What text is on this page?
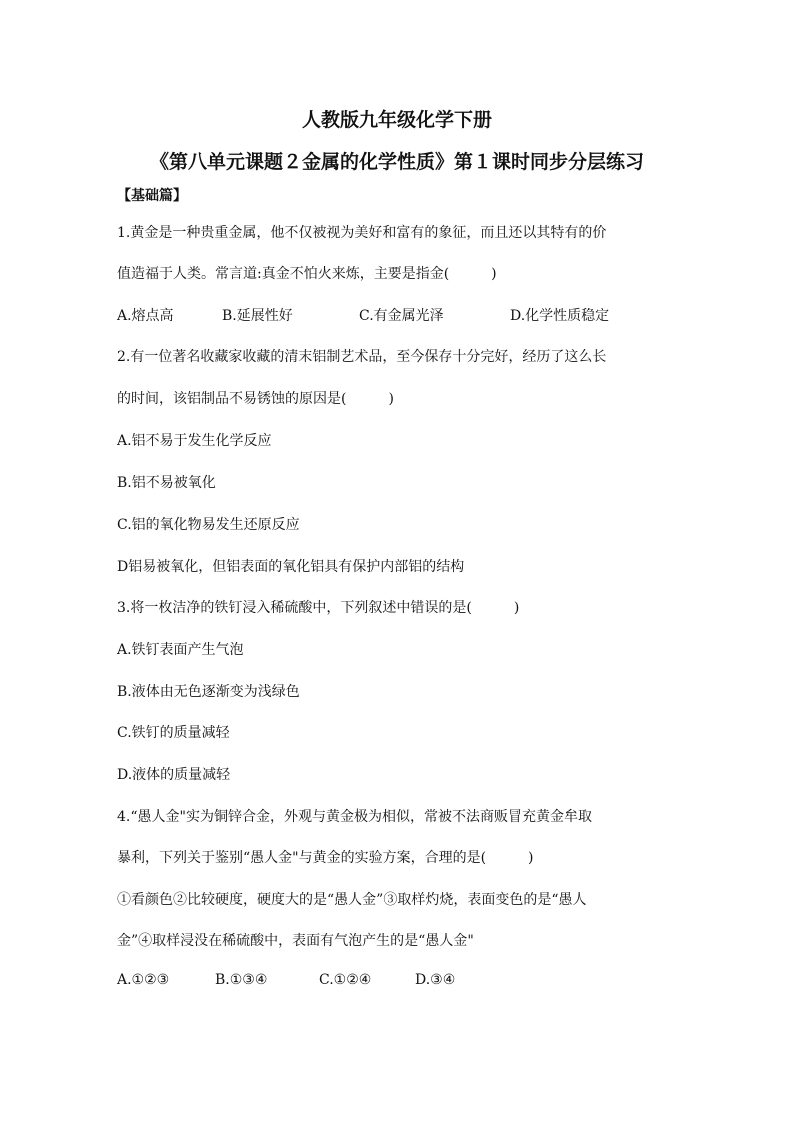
人教版九年级化学下册
《第八单元课题２金属的化学性质》第１课时同步分层练习
【基础篇】
1.黄金是一种贵重金属，他不仅被视为美好和富有的象征，而且还以其特有的价
值造福于人类。常言道:真金不怕火来炼，主要是指金(　　　)
A.熔点高	B.延展性好	C.有金属光泽	D.化学性质稳定
2.有一位著名收藏家收藏的清末铝制艺术品，至今保存十分完好，经历了这么长
的时间，该铝制品不易锈蚀的原因是(　　　)
A.铝不易于发生化学反应
B.铝不易被氧化
C.铝的氧化物易发生还原反应
D铝易被氧化，但铝表面的氧化铝具有保护内部铝的结构
3.将一枚洁净的铁钉浸入稀硫酸中，下列叙述中错误的是(　　　)
A.铁钉表面产生气泡
B.液体由无色逐渐变为浅绿色
C.铁钉的质量减轻
D.液体的质量减轻
4.“愚人金"实为铜锌合金，外观与黄金极为相似，常被不法商贩冒充黄金牟取
暴利，下列关于鉴别“愚人金"与黄金的实验方案，合理的是(　　　)
①看颜色②比较硬度，硬度大的是“愚人金”③取样灼烧，表面变色的是“愚人
金”④取样浸没在稀硫酸中，表面有气泡产生的是“愚人金"
A.①②③	B.①③④	C.①②④	D.③④
